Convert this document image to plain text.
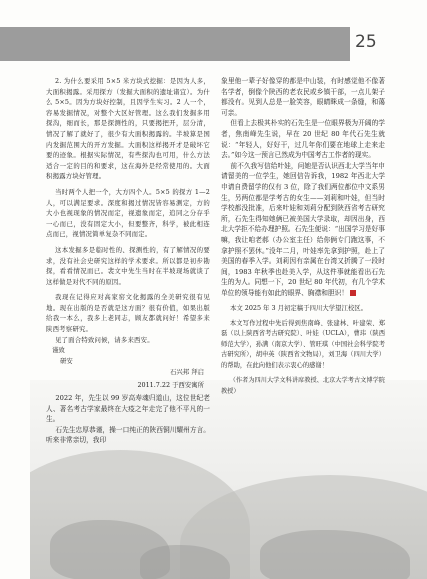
25

2. 为什么要采用 5×5 米方块式挖掘：是因为人多，大面积揭露。采用探方（发掘大面积的遗址诸宜）。为什么 5×5。因为方块好控制，且因学生实习。2 人一个，容易发掘情况，对整个大区好管理。这么我们发掘多用探沟，细而长，那是探测性的，只要揭把开，层分清，情况了解了就好了，很少有大面积揭露的。半坡算是国内发掘范围大的开方发掘。大面积这样揭开才是破坏它要的迹象。根据实际情况，有些探沟也可用，什么方法适合一定的目的和要求，这在海外是经常使用的。大面积揭露方块好管理。

当时两个人把一个，大方四个人。5×5 的探方 1—2 人，可以满足要求。深度和揭过情况皆容易测定，方的大小也视现象的情况而定，视遗象而定，追同之分存乎一心而已，没有固定大小，但要整齐，科学，被此相连点而已，视情况简单复杂不同而定。

这本发掘多是临时性的、探测性的，有了解情况的要求，没有社会史研究这样的学术要求。所以都是初步勘探，看看情况而已。裴文中先生当时在半坡现场就谈了这样做是对代不同的原因。

我现在记得应对高家窑文化揭露的全美研究很有见地。现在出版的是否就是这方面？很有价值，如果出版给我一本么，我多上老同志，顾友都就问好！希望多来陕西考察研究。

见了面合特致问候，请多来西安。

谨致

研安

石兴邦 拜启

2011.7.22 于西安寓所

2022 年，先生以 99 岁高寿魂归道山，这位世纪老人、著名考古学家最终在大疫之年走完了他不平凡的一生。

石先生忠厚恭谨，操一口纯正的陕西铜川耀州方言。听来非常亲切，我印

象里他一辈子好像穿的都是中山装，有时感觉他不像著名学者，倒像个陕西的老农民或乡镇干部，一点儿架子都没有。见到人总是一脸笑容，眼睛眯成一条缝，和蔼可亲。

但看上去极其朴实的石先生是一位眼界极为开阔的学者，焦南峰先生说，早在 20 世纪 80 年代石先生就说：“年轻人，好好干，过几年你们要在地球上走来走去。”如今这一预言已然成为中国考古工作者的现实。

前不久我写信给叶娃，问她是否认识西北大学当年申请留美的一位学生，她回信告诉我，1982 年西北大学申请自费留学的仅有 3 位，除了我们两位都位中文系男生，另两位都是学考古的女生——刘莉和叶娃，但当时学校都没批准，后来叶娃和刘莉分配到陕西省考古研究所，石先生得知她俩已被美国大学录取，却因出身，西北大学拒不给办理护照。石先生便说：“出国学习是好事嘛，我让咱老郝（办公室主任）给你俩专门跑这事，不拿护照不罢休。”没年二月，叶娃率先拿到护照，赴上了美国的春季入学。刘莉因有亲属在台湾又折腾了一段时间，1983 年秋季也赴美入学，从这件事就能看出石先生的为人。同想一下，20 世纪 80 年代初，有几个学术单位的领导能有如此的眼界、胸襟和胆识！

本文 2025 年 3 月初定稿于四川大学望江校区。

本文写作过程中先后得到焦南峰、张建林、叶建荣、郑磊（以上陕西省考古研究院）、叶娃（UCLA），曹玮（陕西师范大学），孙满（南京大学）、管旺琪（中国社会科学院考古研究所），胡申英（陕西省文物局），刘卫海（四川大学）的帮助，在此向他们表示衷心的感谢！

（作者为四川大学文科讲席教授、北京大学考古文博学院教授）
